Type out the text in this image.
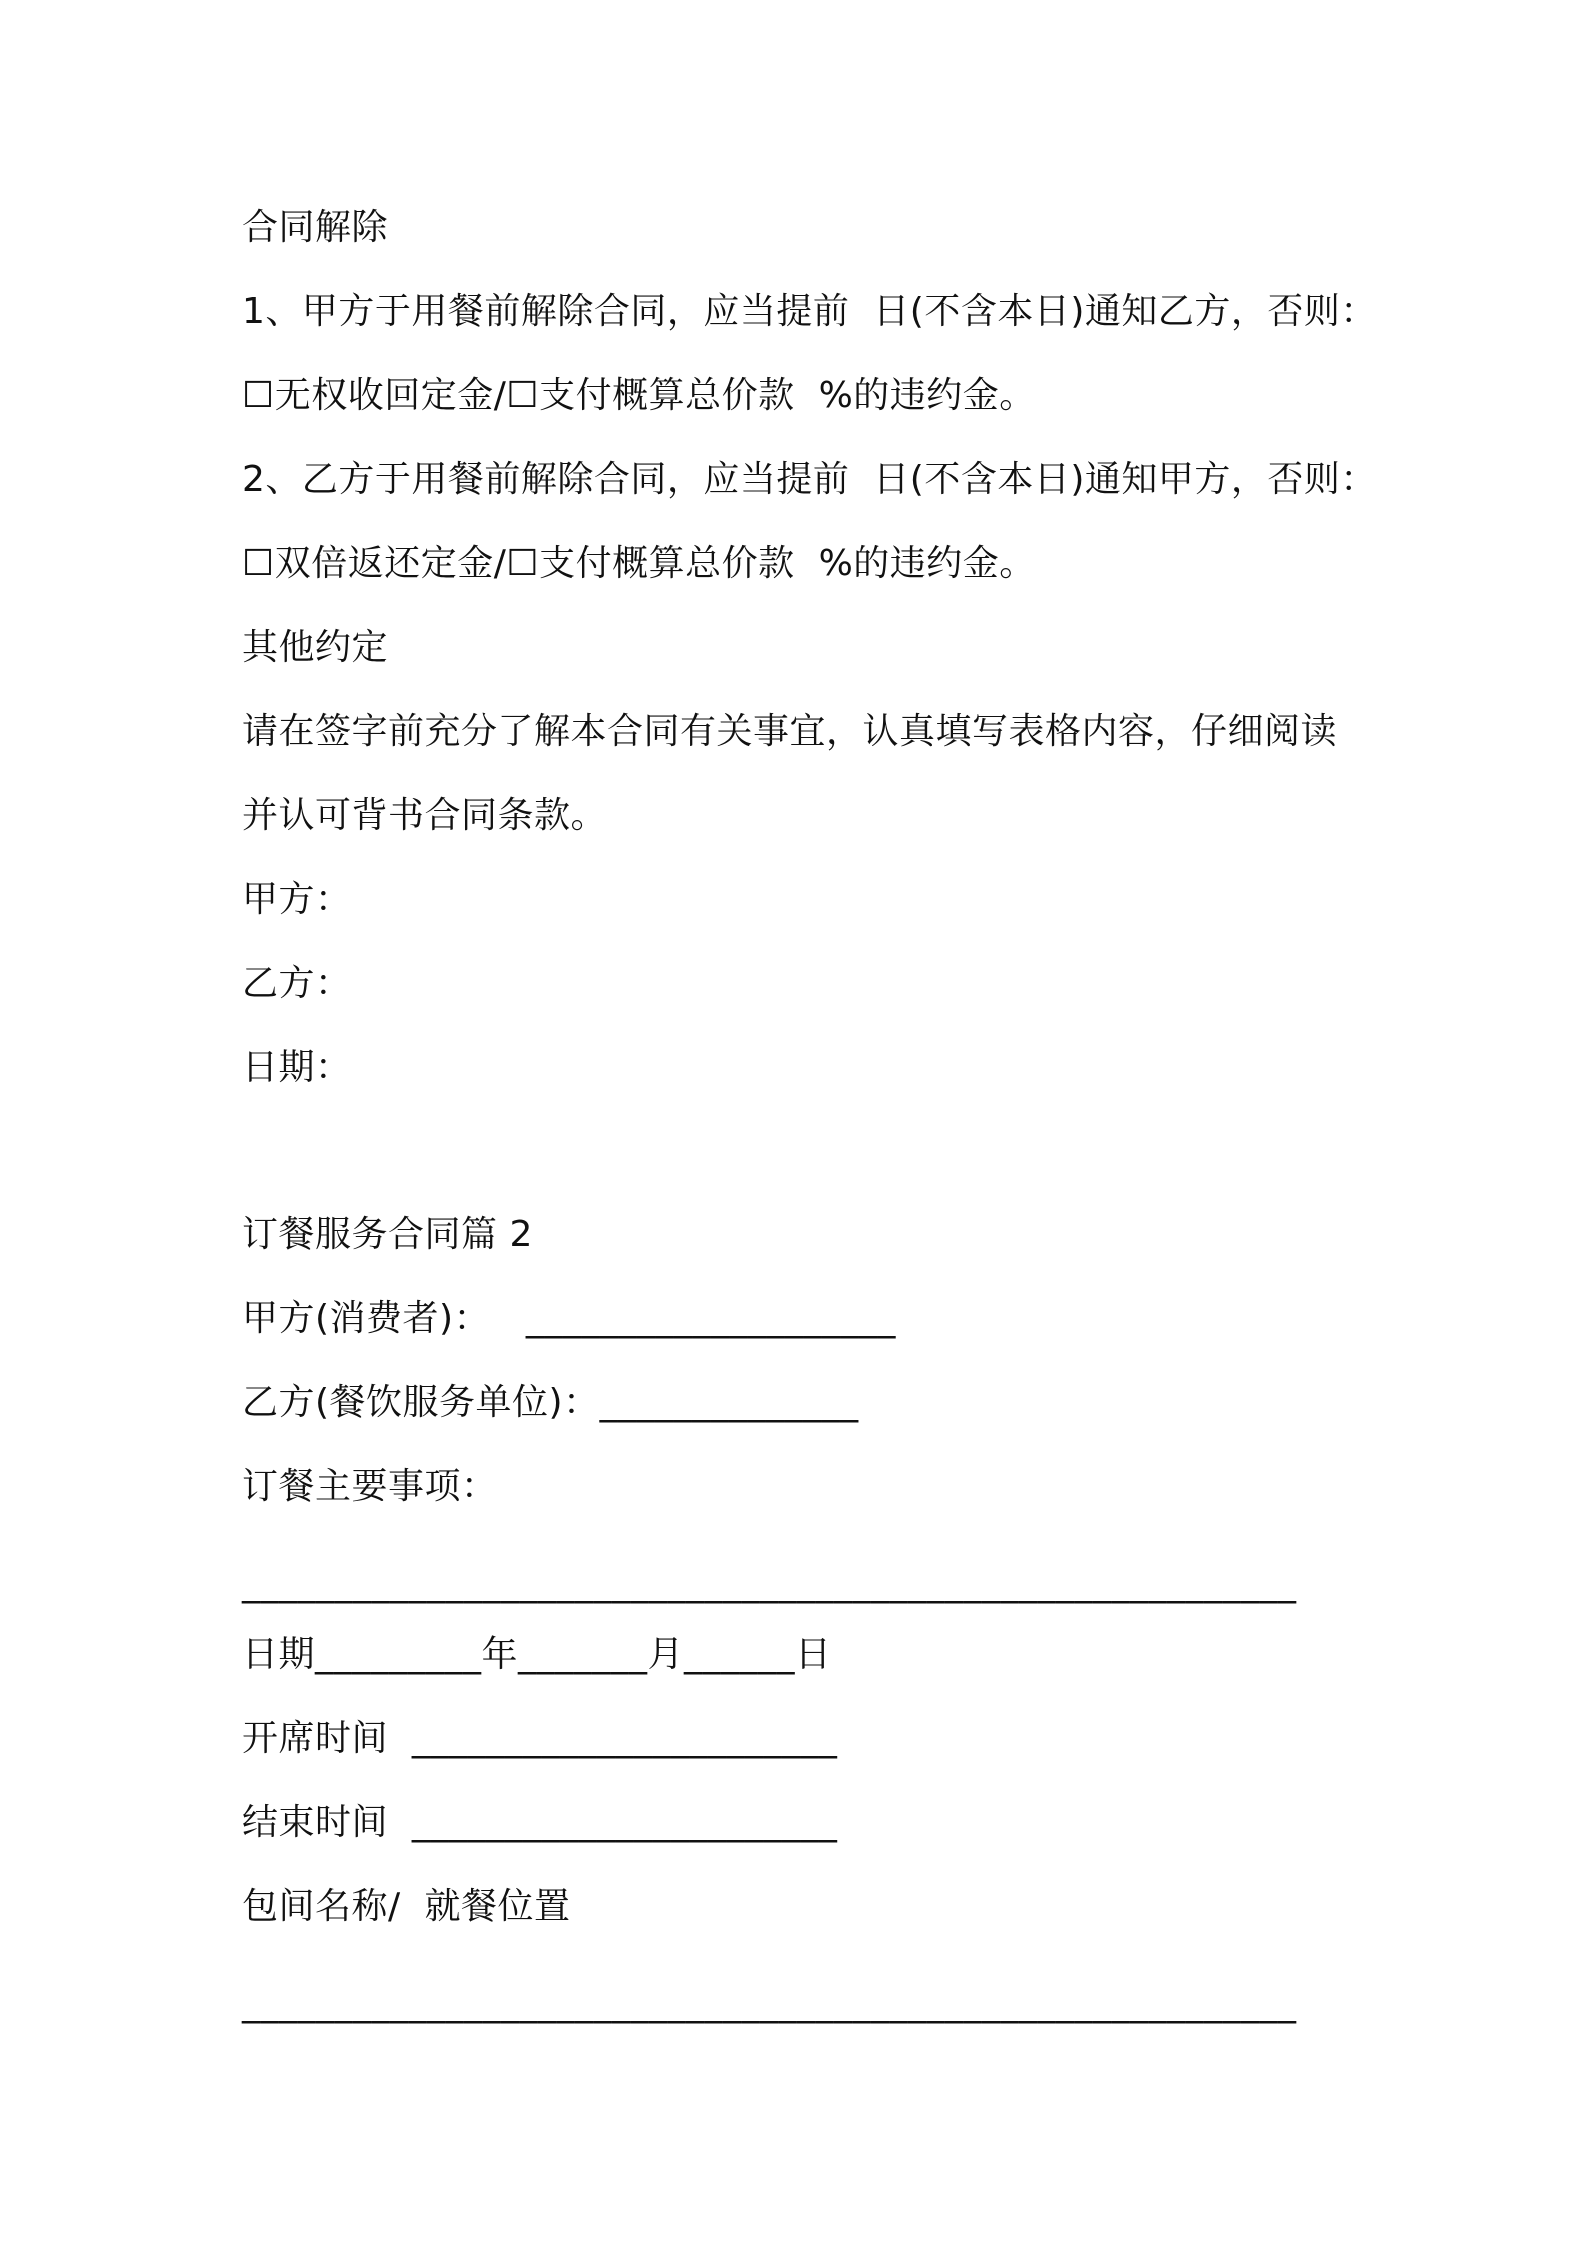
合同解除
1、甲方于用餐前解除合同，应当提前  日(不含本日)通知乙方，否则：
☐无权收回定金/☐支付概算总价款  %的违约金。
2、乙方于用餐前解除合同，应当提前  日(不含本日)通知甲方，否则：
☐双倍返还定金/☐支付概算总价款  %的违约金。
其他约定
请在签字前充分了解本合同有关事宜，认真填写表格内容，仔细阅读
并认可背书合同条款。
甲方：
乙方：
日期：
订餐服务合同篇 2
甲方(消费者)：   ____________________
乙方(餐饮服务单位)：______________
订餐主要事项：
_________________________________________________________
日期_________年_______月______日
开席时间  _______________________
结束时间  _______________________
包间名称/  就餐位置
_________________________________________________________
